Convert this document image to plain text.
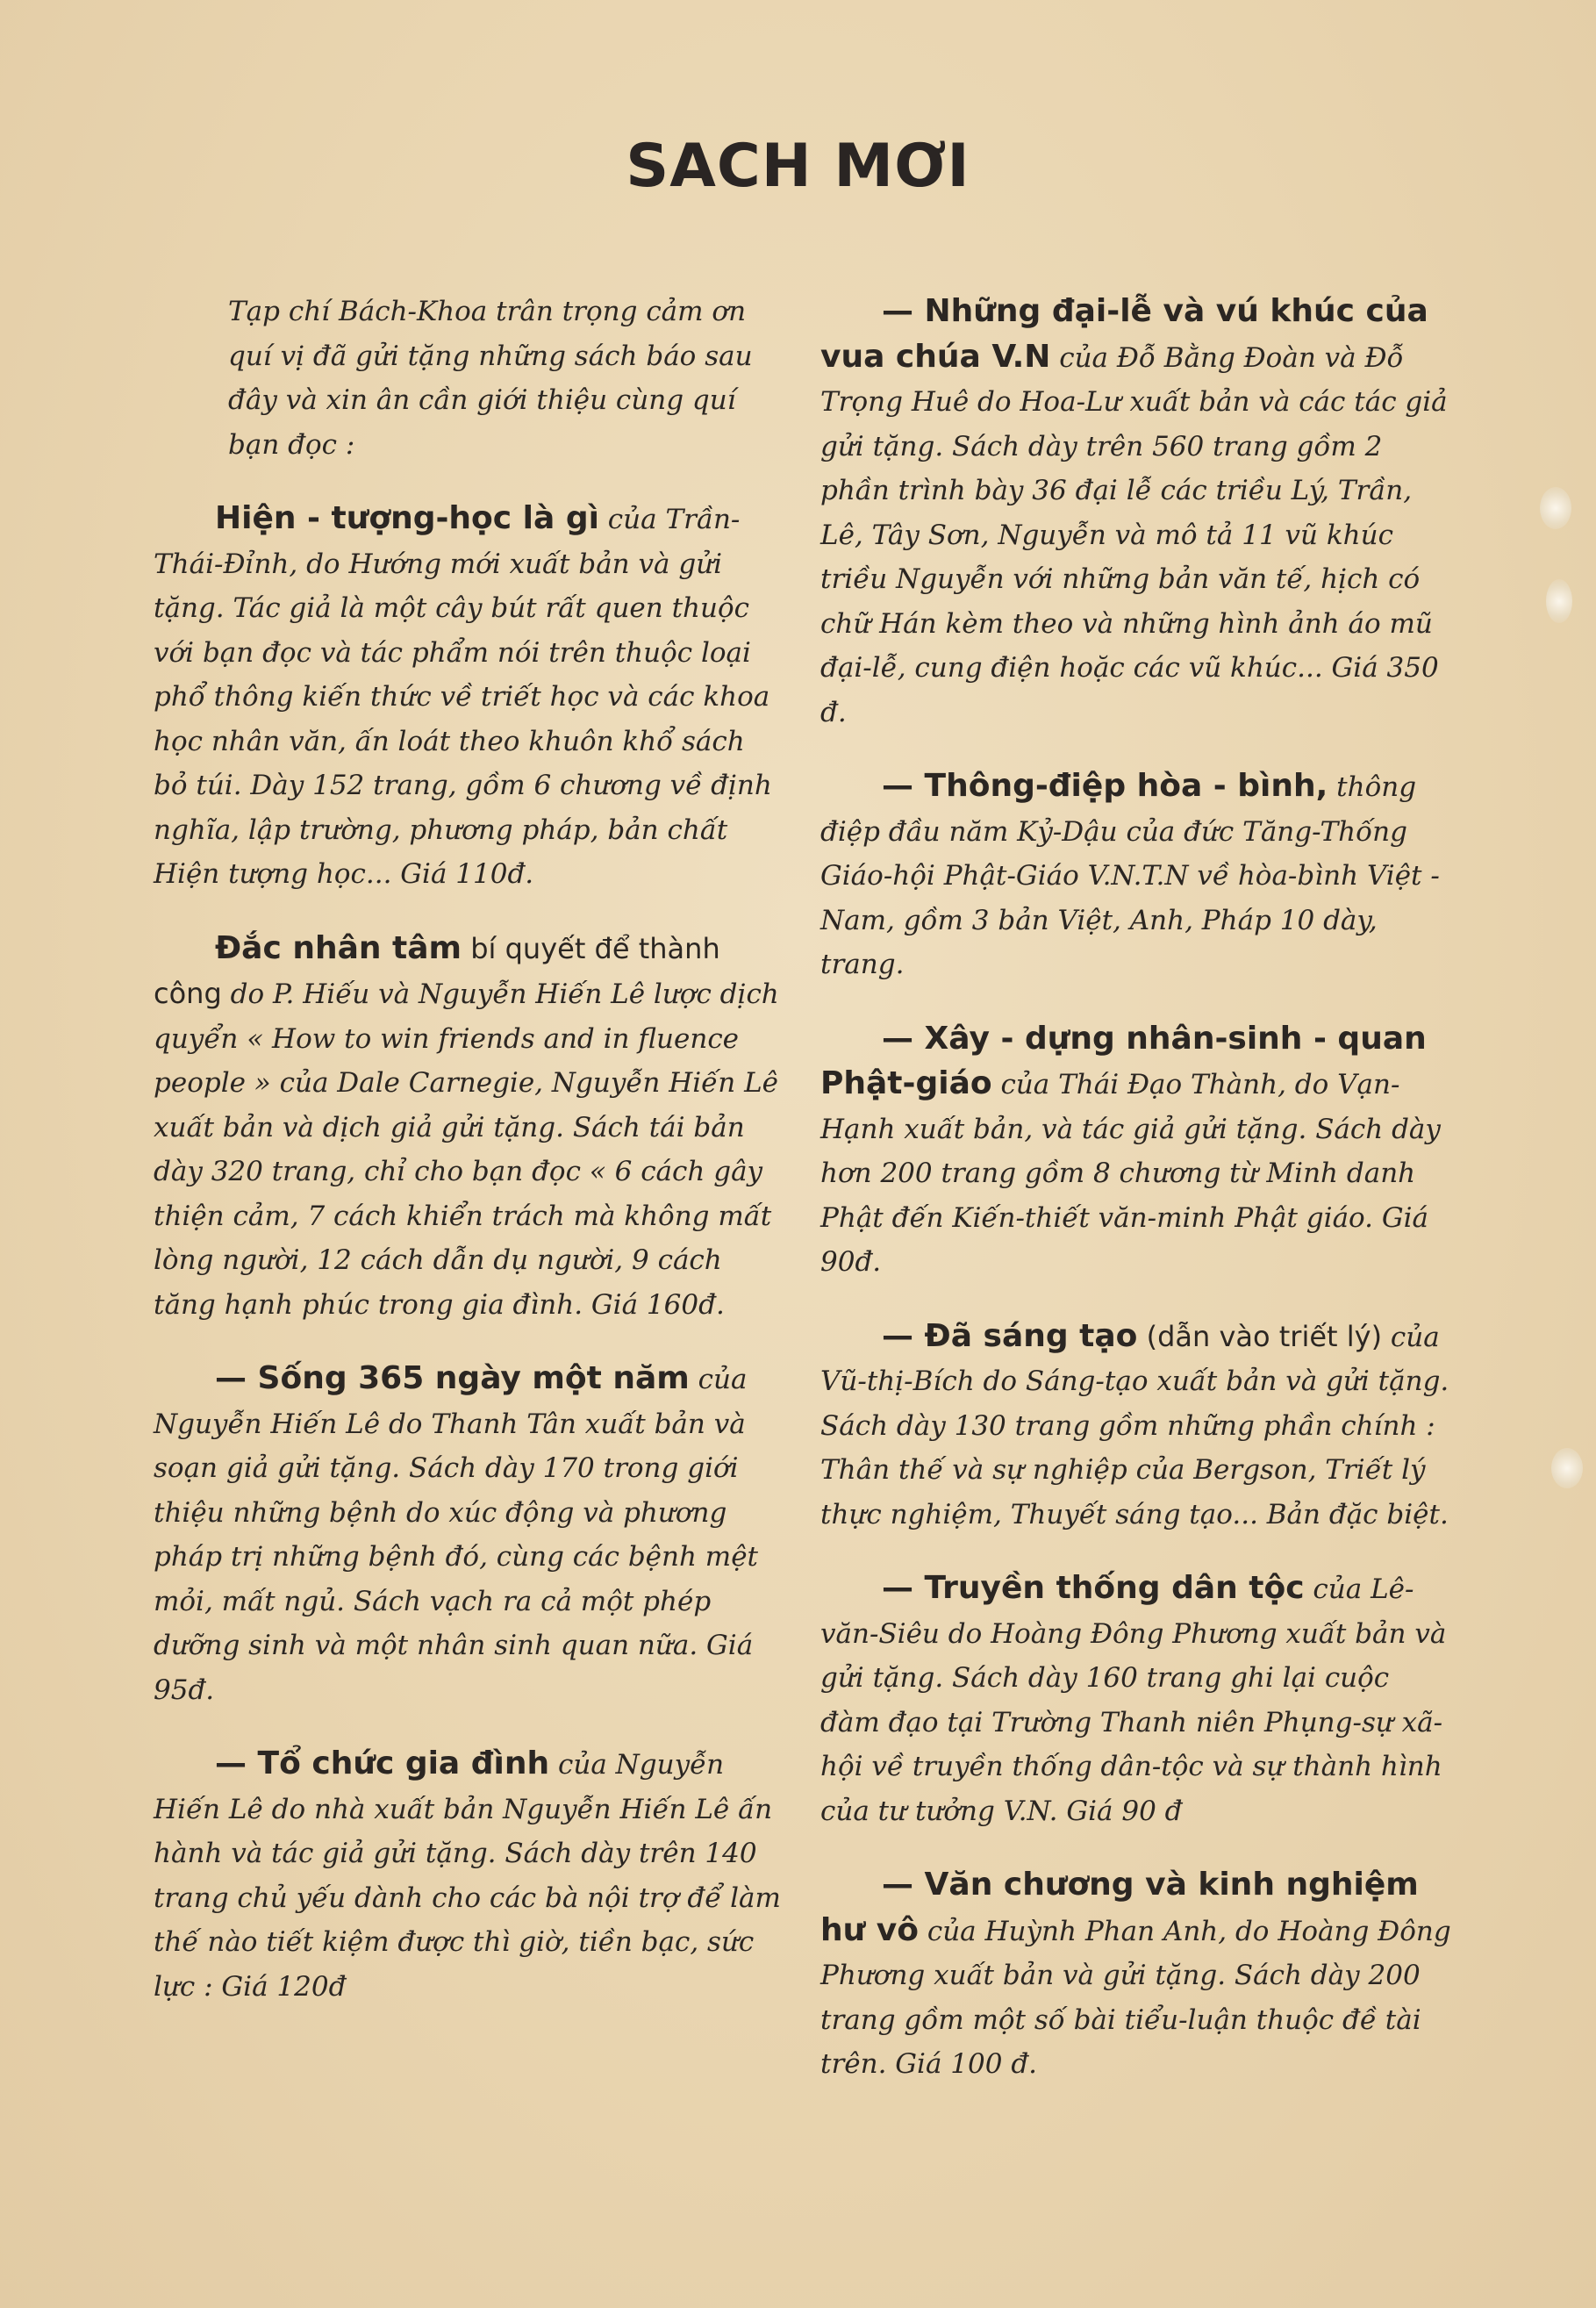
SACH MƠI

Tạp chí Bách-Khoa trân trọng cảm ơn quí vị đã gửi tặng những sách báo sau đây và xin ân cần giới thiệu cùng quí bạn đọc :

Hiện - tượng-học là gì của Trần-Thái-Đỉnh, do Hướng mới xuất bản và gửi tặng. Tác giả là một cây bút rất quen thuộc với bạn đọc và tác phẩm nói trên thuộc loại phổ thông kiến thức về triết học và các khoa học nhân văn, ấn loát theo khuôn khổ sách bỏ túi. Dày 152 trang, gồm 6 chương về định nghĩa, lập trường, phương pháp, bản chất Hiện tượng học... Giá 110đ.

Đắc nhân tâm bí quyết để thành công do P. Hiếu và Nguyễn Hiến Lê lược dịch quyển « How to win friends and in fluence people » của Dale Carnegie, Nguyễn Hiến Lê xuất bản và dịch giả gửi tặng. Sách tái bản dày 320 trang, chỉ cho bạn đọc « 6 cách gây thiện cảm, 7 cách khiển trách mà không mất lòng người, 12 cách dẫn dụ người, 9 cách tăng hạnh phúc trong gia đình. Giá 160đ.

— Sống 365 ngày một năm của Nguyễn Hiến Lê do Thanh Tân xuất bản và soạn giả gửi tặng. Sách dày 170 trong giới thiệu những bệnh do xúc động và phương pháp trị những bệnh đó, cùng các bệnh mệt mỏi, mất ngủ. Sách vạch ra cả một phép dưỡng sinh và một nhân sinh quan nữa. Giá 95đ.

— Tổ chức gia đình của Nguyễn Hiến Lê do nhà xuất bản Nguyễn Hiến Lê ấn hành và tác giả gửi tặng. Sách dày trên 140 trang chủ yếu dành cho các bà nội trợ để làm thế nào tiết kiệm được thì giờ, tiền bạc, sức lực : Giá 120đ

— Những đại-lễ và vú khúc của vua chúa V.N của Đỗ Bằng Đoàn và Đỗ Trọng Huê do Hoa-Lư xuất bản và các tác giả gửi tặng. Sách dày trên 560 trang gồm 2 phần trình bày 36 đại lễ các triều Lý, Trần, Lê, Tây Sơn, Nguyễn và mô tả 11 vũ khúc triều Nguyễn với những bản văn tế, hịch có chữ Hán kèm theo và những hình ảnh áo mũ đại-lễ, cung điện hoặc các vũ khúc... Giá 350 đ.

— Thông-điệp hòa - bình, thông điệp đầu năm Kỷ-Dậu của đức Tăng-Thống Giáo-hội Phật-Giáo V.N.T.N về hòa-bình Việt - Nam, gồm 3 bản Việt, Anh, Pháp 10 dày, trang.

— Xây - dựng nhân-sinh - quan Phật-giáo của Thái Đạo Thành, do Vạn-Hạnh xuất bản, và tác giả gửi tặng. Sách dày hơn 200 trang gồm 8 chương từ Minh danh Phật đến Kiến-thiết văn-minh Phật giáo. Giá 90đ.

— Đã sáng tạo (dẫn vào triết lý) của Vũ-thị-Bích do Sáng-tạo xuất bản và gửi tặng. Sách dày 130 trang gồm những phần chính : Thân thế và sự nghiệp của Bergson, Triết lý thực nghiệm, Thuyết sáng tạo... Bản đặc biệt.

— Truyền thống dân tộc của Lê-văn-Siêu do Hoàng Đông Phương xuất bản và gửi tặng. Sách dày 160 trang ghi lại cuộc đàm đạo tại Trường Thanh niên Phụng-sự xã-hội về truyền thống dân-tộc và sự thành hình của tư tưởng V.N. Giá 90 đ

— Văn chương và kinh nghiệm hư vô của Huỳnh Phan Anh, do Hoàng Đông Phương xuất bản và gửi tặng. Sách dày 200 trang gồm một số bài tiểu-luận thuộc đề tài trên. Giá 100 đ.
